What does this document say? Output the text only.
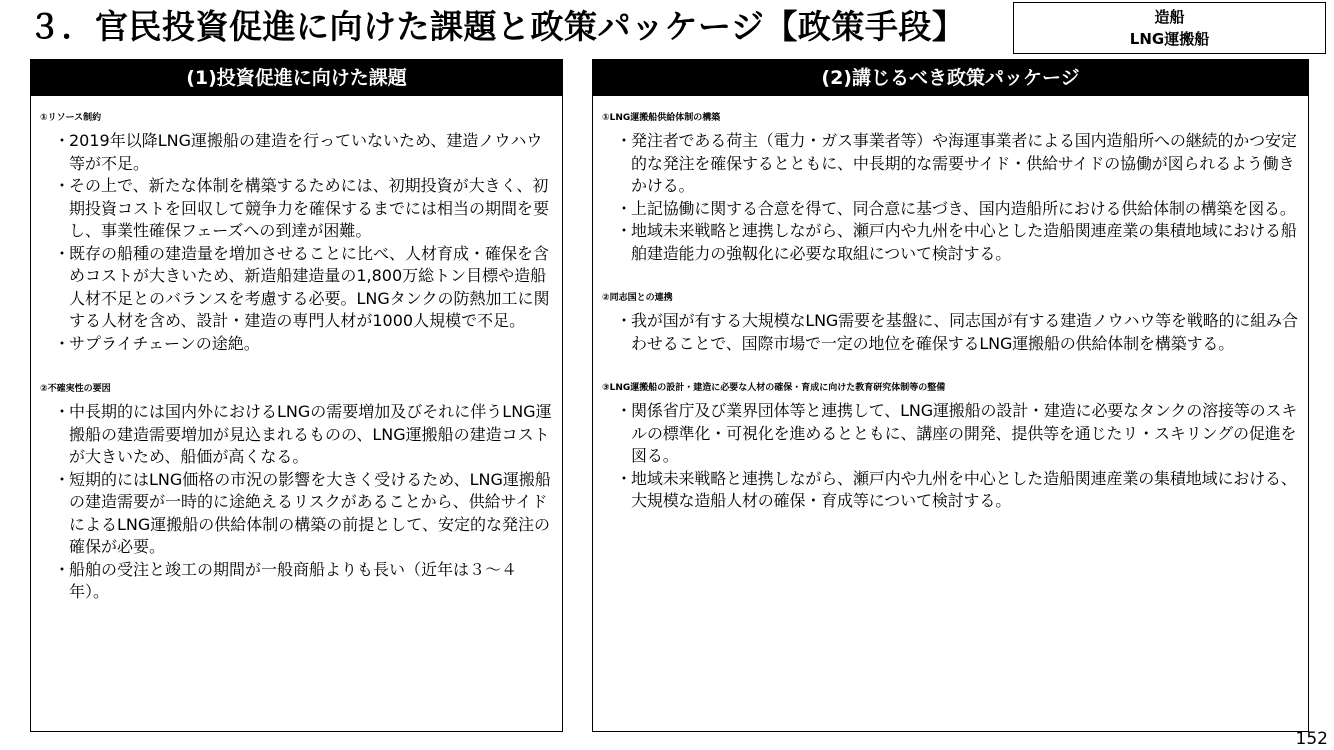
３．官民投資促進に向けた課題と政策パッケージ【政策手段】	造船
LNG運搬船
(1)投資促進に向けた課題
①リソース制約
・
2019年以降LNG運搬船の建造を行っていないため、建造ノウハウ等が不足。
・
その上で、新たな体制を構築するためには、初期投資が大きく、初期投資コストを回収して競争力を確保するまでには相当の期間を要し、事業性確保フェーズへの到達が困難。
・
既存の船種の建造量を増加させることに比べ、人材育成・確保を含めコストが大きいため、新造船建造量の1,800万総トン目標や造船人材不足とのバランスを考慮する必要。LNGタンクの防熱加工に関する人材を含め、設計・建造の専門人材が1000人規模で不足。
・
サプライチェーンの途絶。
②不確実性の要因
・
中長期的には国内外におけるLNGの需要増加及びそれに伴うLNG運搬船の建造需要増加が見込まれるものの、LNG運搬船の建造コストが大きいため、船価が高くなる。
・
短期的にはLNG価格の市況の影響を大きく受けるため、LNG運搬船の建造需要が一時的に途絶えるリスクがあることから、供給サイドによるLNG運搬船の供給体制の構築の前提として、安定的な発注の確保が必要。
・
船舶の受注と竣工の期間が一般商船よりも長い（近年は３～４年）。
(2)講じるべき政策パッケージ
①LNG運搬船供給体制の構築
・ 発注者である荷主（電力・ガス事業者等）や海運事業者による国内造船所への継続的かつ安定的な発注を確保するとともに、中長期的な需要サイド・供給サイドの協働が図られるよう働きかける。
・ 上記協働に関する合意を得て、同合意に基づき、国内造船所における供給体制の構築を図る。
・ 地域未来戦略と連携しながら、瀬戸内や九州を中心とした造船関連産業の集積地域における船舶建造能力の強靱化に必要な取組について検討する。
②同志国との連携
・ 我が国が有する大規模なLNG需要を基盤に、同志国が有する建造ノウハウ等を戦略的に組み合わせることで、国際市場で一定の地位を確保するLNG運搬船の供給体制を構築する。
③LNG運搬船の設計・建造に必要な人材の確保・育成に向けた教育研究体制等の整備
・ 関係省庁及び業界団体等と連携して、LNG運搬船の設計・建造に必要なタンクの溶接等のスキルの標準化・可視化を進めるとともに、講座の開発、提供等を通じたリ・スキリングの促進を図る。
・ 地域未来戦略と連携しながら、瀬戸内や九州を中心とした造船関連産業の集積地域における、大規模な造船人材の確保・育成等について検討する。
152
